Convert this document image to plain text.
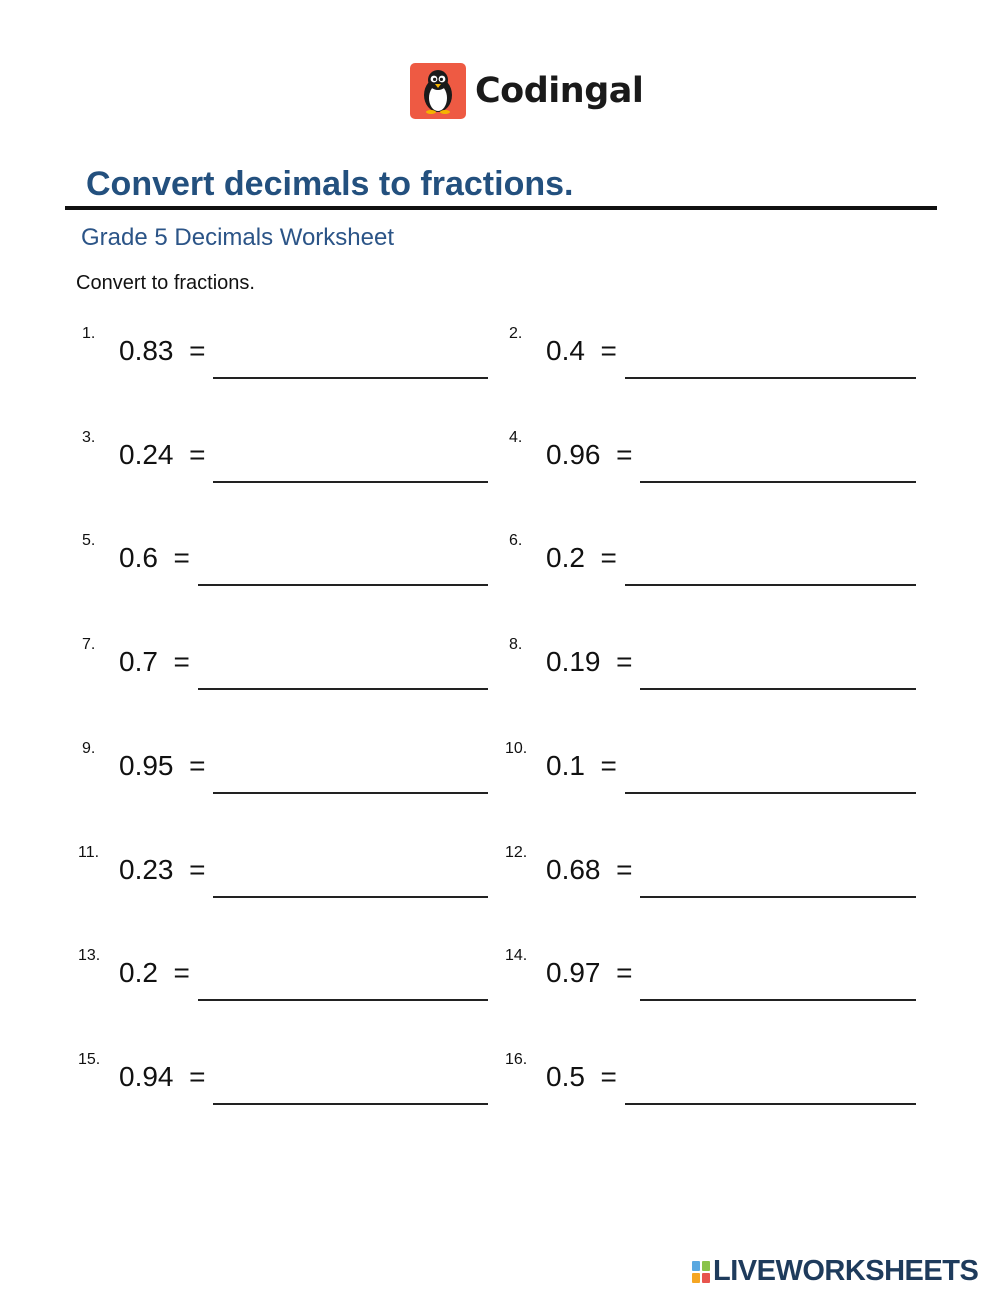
Codingal
Convert decimals to fractions.
Grade 5 Decimals Worksheet
Convert to fractions.
1.
0.83 =
2.
0.4 =
3.
0.24 =
4.
0.96 =
5.
0.6 =
6.
0.2 =
7.
0.7 =
8.
0.19 =
9.
0.95 =
10.
0.1 =
11.
0.23 =
12.
0.68 =
13.
0.2 =
14.
0.97 =
15.
0.94 =
16.
0.5 =
LIVEWORKSHEETS
